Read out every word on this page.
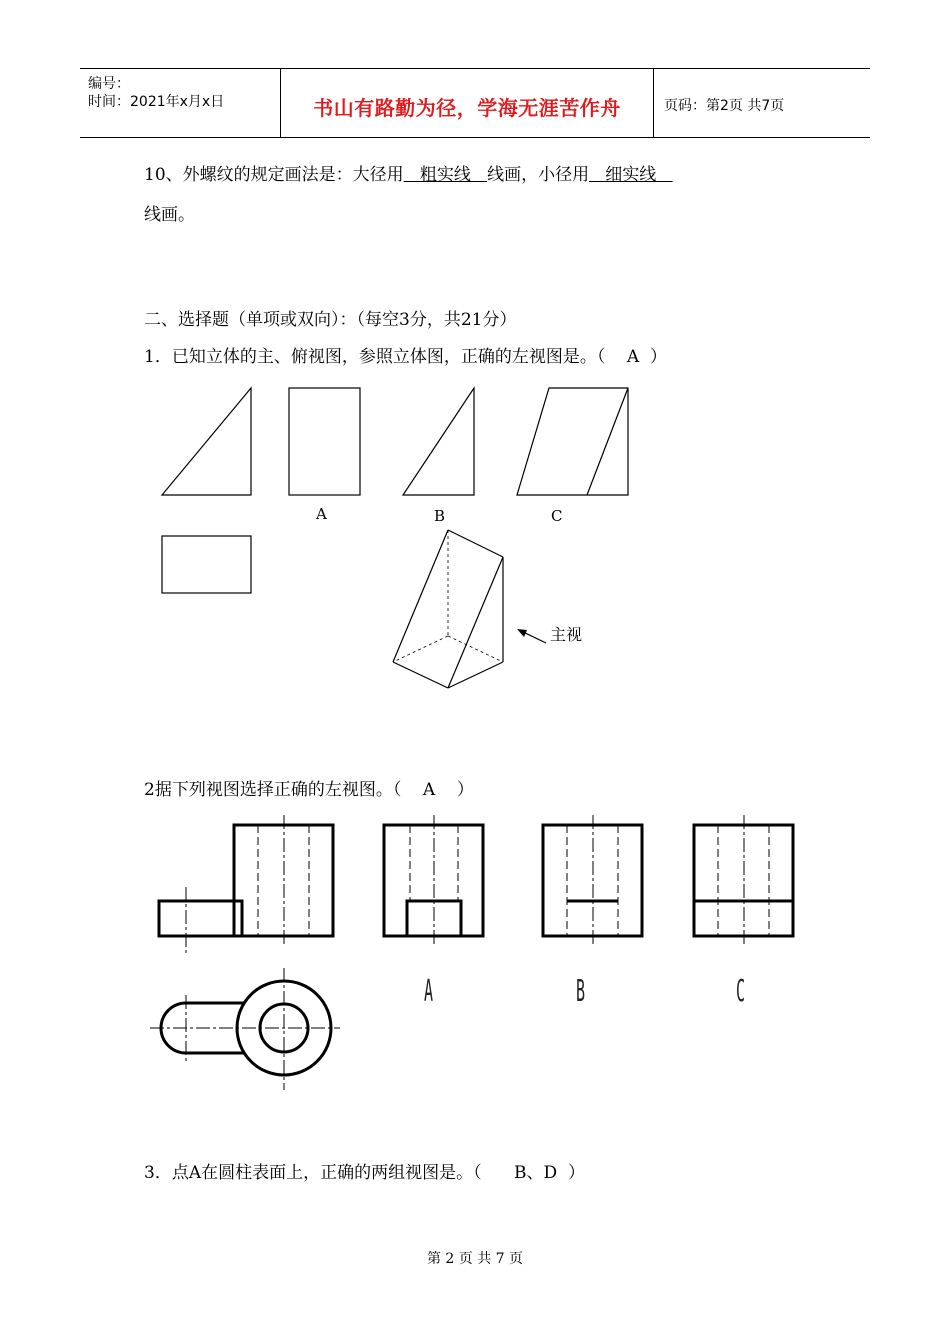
编号：
时间：2021年x月x日	书山有路勤为径，学海无涯苦作舟	页码：第2页 共7页
10、外螺纹的规定画法是：大径用   粗实线   线画，小径用   细实线
线画。
二、选择题（单项或双向）：（每空3分，共21分）
1．已知立体的主、俯视图，参照立体图，正确的左视图是。（    A  ）
A	B	C
主视
2据下列视图选择正确的左视图。（    A    ）
A	B	C
3．点A在圆柱表面上，正确的两组视图是。（      B、D  ）
第 2 页 共 7 页
